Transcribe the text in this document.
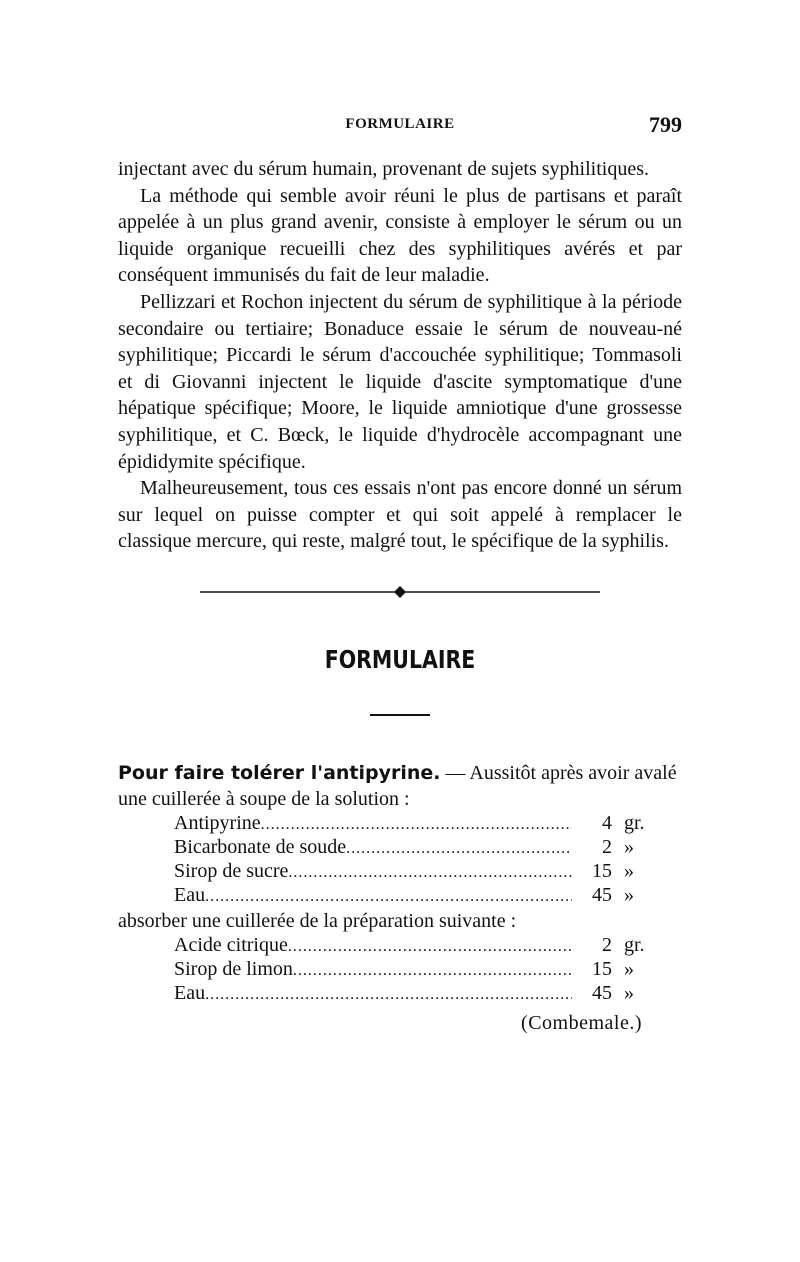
FORMULAIRE	799

injectant avec du sérum humain, provenant de sujets syphilitiques.

La méthode qui semble avoir réuni le plus de partisans et paraît appelée à un plus grand avenir, consiste à employer le sérum ou un liquide organique recueilli chez des syphilitiques avérés et par conséquent immunisés du fait de leur maladie.

Pellizzari et Rochon injectent du sérum de syphilitique à la période secondaire ou tertiaire; Bonaduce essaie le sérum de nouveau-né syphilitique; Piccardi le sérum d'accouchée syphilitique; Tommasoli et di Giovanni injectent le liquide d'ascite symptomatique d'une hépatique spécifique; Moore, le liquide amniotique d'une grossesse syphilitique, et C. Bœck, le liquide d'hydrocèle accompagnant une épididymite spécifique.

Malheureusement, tous ces essais n'ont pas encore donné un sérum sur lequel on puisse compter et qui soit appelé à remplacer le classique mercure, qui reste, malgré tout, le spécifique de la syphilis.

FORMULAIRE

Pour faire tolérer l'antipyrine. — Aussitôt après avoir avalé une cuillerée à soupe de la solution :

Antipyrine .....	4 gr.
Bicarbonate de soude .....	2 »
Sirop de sucre .....	15 »
Eau .....	45 »

absorber une cuillerée de la préparation suivante :

Acide citrique .....	2 gr.
Sirop de limon .....	15 »
Eau .....	45 »
(Combemale.)
